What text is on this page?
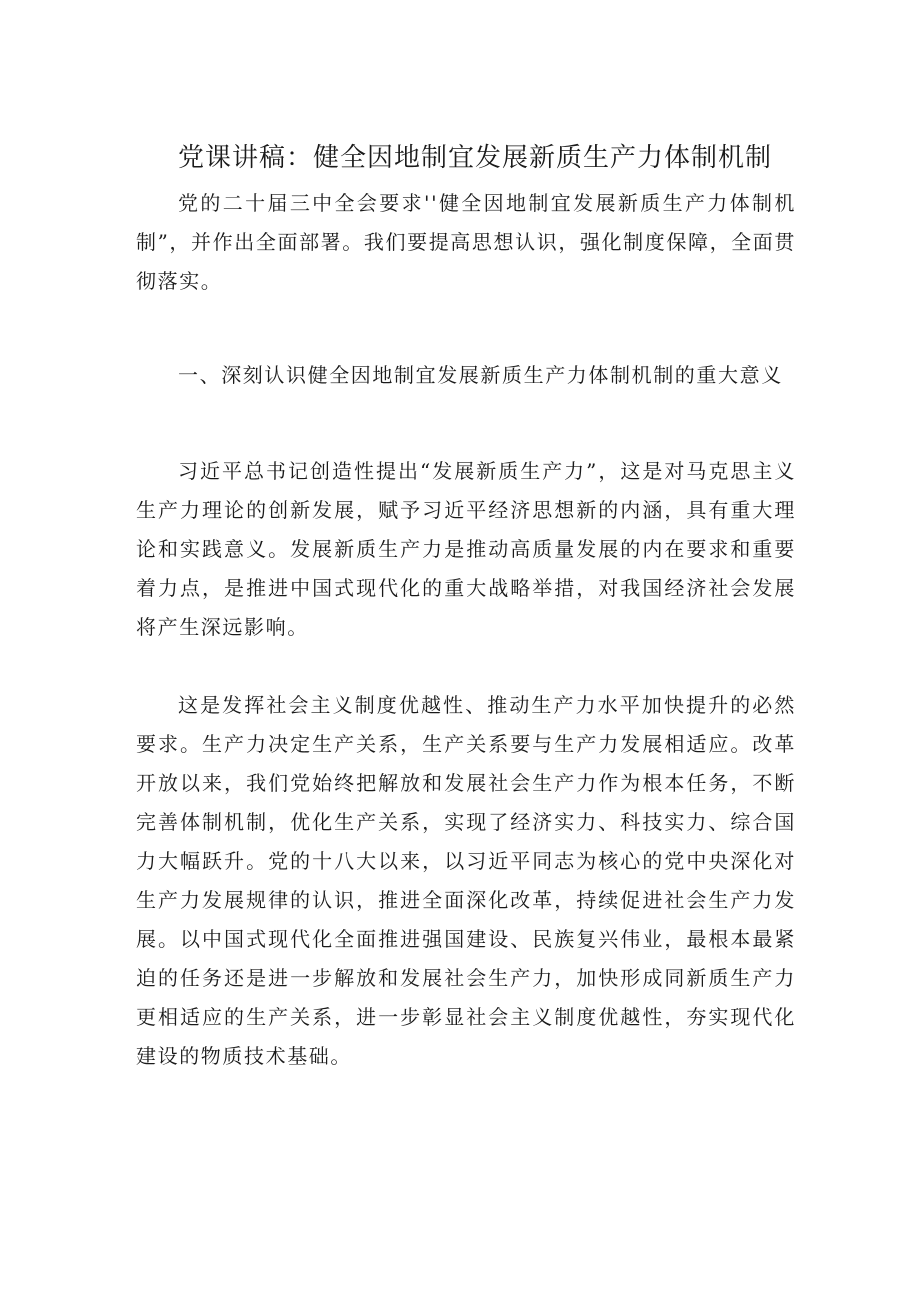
党课讲稿：健全因地制宜发展新质生产力体制机制

党的二十届三中全会要求''健全因地制宜发展新质生产力体制机制”，并作出全面部署。我们要提高思想认识，强化制度保障，全面贯彻落实。

一、深刻认识健全因地制宜发展新质生产力体制机制的重大意义

习近平总书记创造性提出“发展新质生产力”，这是对马克思主义生产力理论的创新发展，赋予习近平经济思想新的内涵，具有重大理论和实践意义。发展新质生产力是推动高质量发展的内在要求和重要着力点，是推进中国式现代化的重大战略举措，对我国经济社会发展将产生深远影响。

这是发挥社会主义制度优越性、推动生产力水平加快提升的必然要求。生产力决定生产关系，生产关系要与生产力发展相适应。改革开放以来，我们党始终把解放和发展社会生产力作为根本任务，不断完善体制机制，优化生产关系，实现了经济实力、科技实力、综合国力大幅跃升。党的十八大以来，以习近平同志为核心的党中央深化对生产力发展规律的认识，推进全面深化改革，持续促进社会生产力发展。以中国式现代化全面推进强国建设、民族复兴伟业，最根本最紧迫的任务还是进一步解放和发展社会生产力，加快形成同新质生产力更相适应的生产关系，进一步彰显社会主义制度优越性，夯实现代化建设的物质技术基础。
